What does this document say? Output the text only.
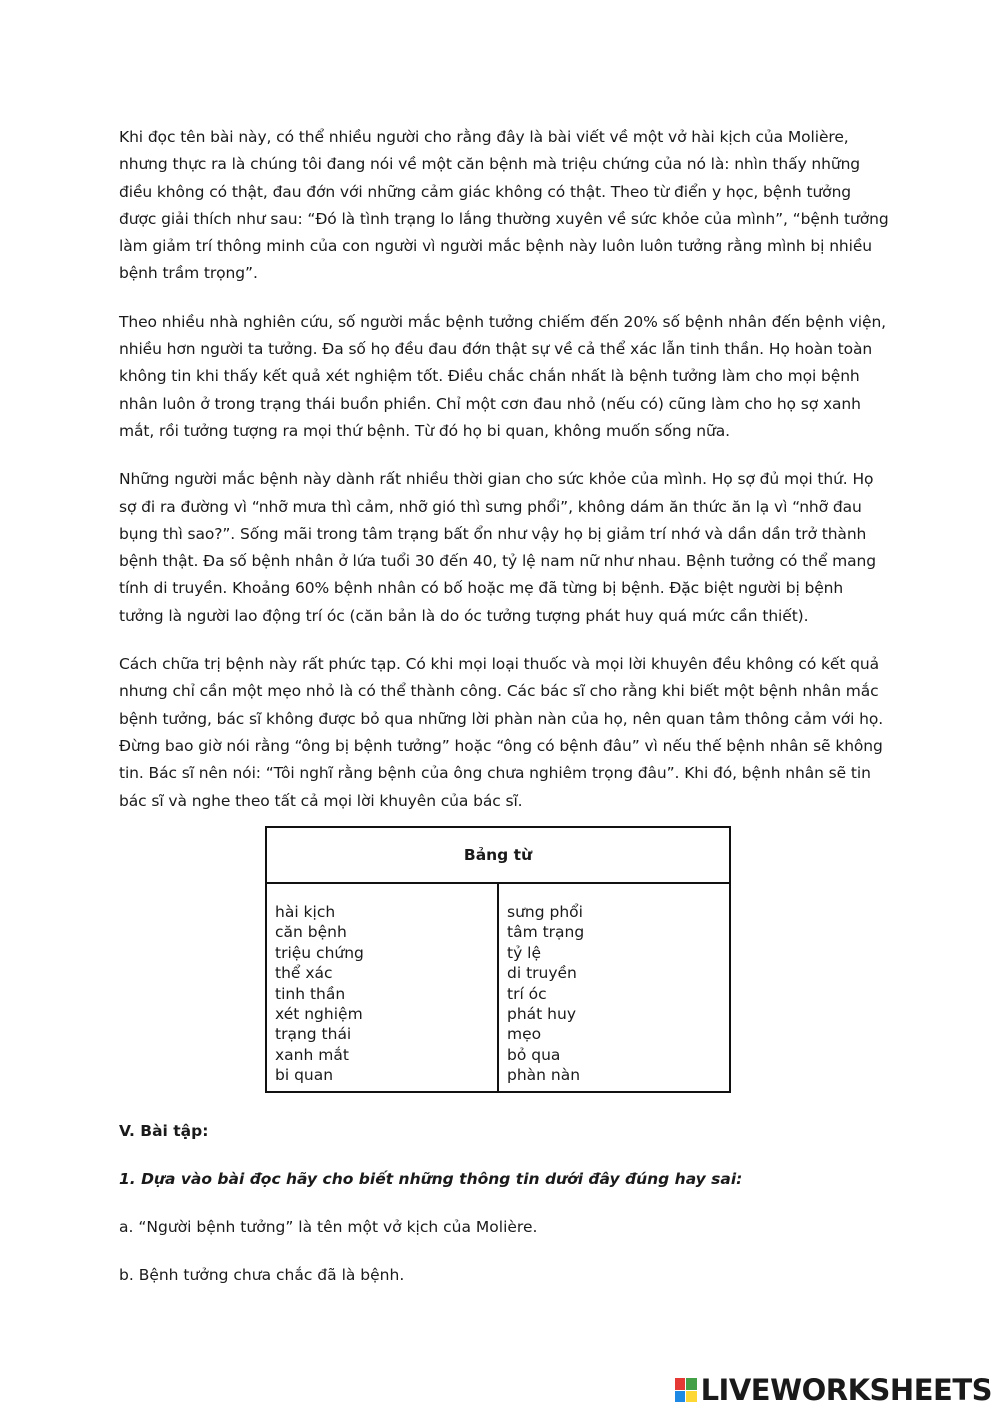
Khi đọc tên bài này, có thể nhiều người cho rằng đây là bài viết về một vở hài kịch của Molière, nhưng thực ra là chúng tôi đang nói về một căn bệnh mà triệu chứng của nó là: nhìn thấy những điều không có thật, đau đớn với những cảm giác không có thật. Theo từ điển y học, bệnh tưởng được giải thích như sau: “Đó là tình trạng lo lắng thường xuyên về sức khỏe của mình”, “bệnh tưởng làm giảm trí thông minh của con người vì người mắc bệnh này luôn luôn tưởng rằng mình bị nhiều bệnh trầm trọng”.

Theo nhiều nhà nghiên cứu, số người mắc bệnh tưởng chiếm đến 20% số bệnh nhân đến bệnh viện, nhiều hơn người ta tưởng. Đa số họ đều đau đớn thật sự về cả thể xác lẫn tinh thần. Họ hoàn toàn không tin khi thấy kết quả xét nghiệm tốt. Điều chắc chắn nhất là bệnh tưởng làm cho mọi bệnh nhân luôn ở trong trạng thái buồn phiền. Chỉ một cơn đau nhỏ (nếu có) cũng làm cho họ sợ xanh mắt, rồi tưởng tượng ra mọi thứ bệnh. Từ đó họ bi quan, không muốn sống nữa.

Những người mắc bệnh này dành rất nhiều thời gian cho sức khỏe của mình. Họ sợ đủ mọi thứ. Họ sợ đi ra đường vì “nhỡ mưa thì cảm, nhỡ gió thì sưng phổi”, không dám ăn thức ăn lạ vì “nhỡ đau bụng thì sao?”. Sống mãi trong tâm trạng bất ổn như vậy họ bị giảm trí nhớ và dần dần trở thành bệnh thật. Đa số bệnh nhân ở lứa tuổi 30 đến 40, tỷ lệ nam nữ như nhau. Bệnh tưởng có thể mang tính di truyền. Khoảng 60% bệnh nhân có bố hoặc mẹ đã từng bị bệnh. Đặc biệt người bị bệnh tưởng là người lao động trí óc (căn bản là do óc tưởng tượng phát huy quá mức cần thiết).

Cách chữa trị bệnh này rất phức tạp. Có khi mọi loại thuốc và mọi lời khuyên đều không có kết quả nhưng chỉ cần một mẹo nhỏ là có thể thành công. Các bác sĩ cho rằng khi biết một bệnh nhân mắc bệnh tưởng, bác sĩ không được bỏ qua những lời phàn nàn của họ, nên quan tâm thông cảm với họ. Đừng bao giờ nói rằng “ông bị bệnh tưởng” hoặc “ông có bệnh đâu” vì nếu thế bệnh nhân sẽ không tin. Bác sĩ nên nói: “Tôi nghĩ rằng bệnh của ông chưa nghiêm trọng đâu”. Khi đó, bệnh nhân sẽ tin bác sĩ và nghe theo tất cả mọi lời khuyên của bác sĩ.

Bảng từ
hài kịch
căn bệnh
triệu chứng
thể xác
tinh thần
xét nghiệm
trạng thái
xanh mắt
bi quan
sưng phổi
tâm trạng
tỷ lệ
di truyền
trí óc
phát huy
mẹo
bỏ qua
phàn nàn
V. Bài tập:
1. Dựa vào bài đọc hãy cho biết những thông tin dưới đây đúng hay sai:
a. “Người bệnh tưởng” là tên một vở kịch của Molière.
b. Bệnh tưởng chưa chắc đã là bệnh.
LIVEWORKSHEETS
